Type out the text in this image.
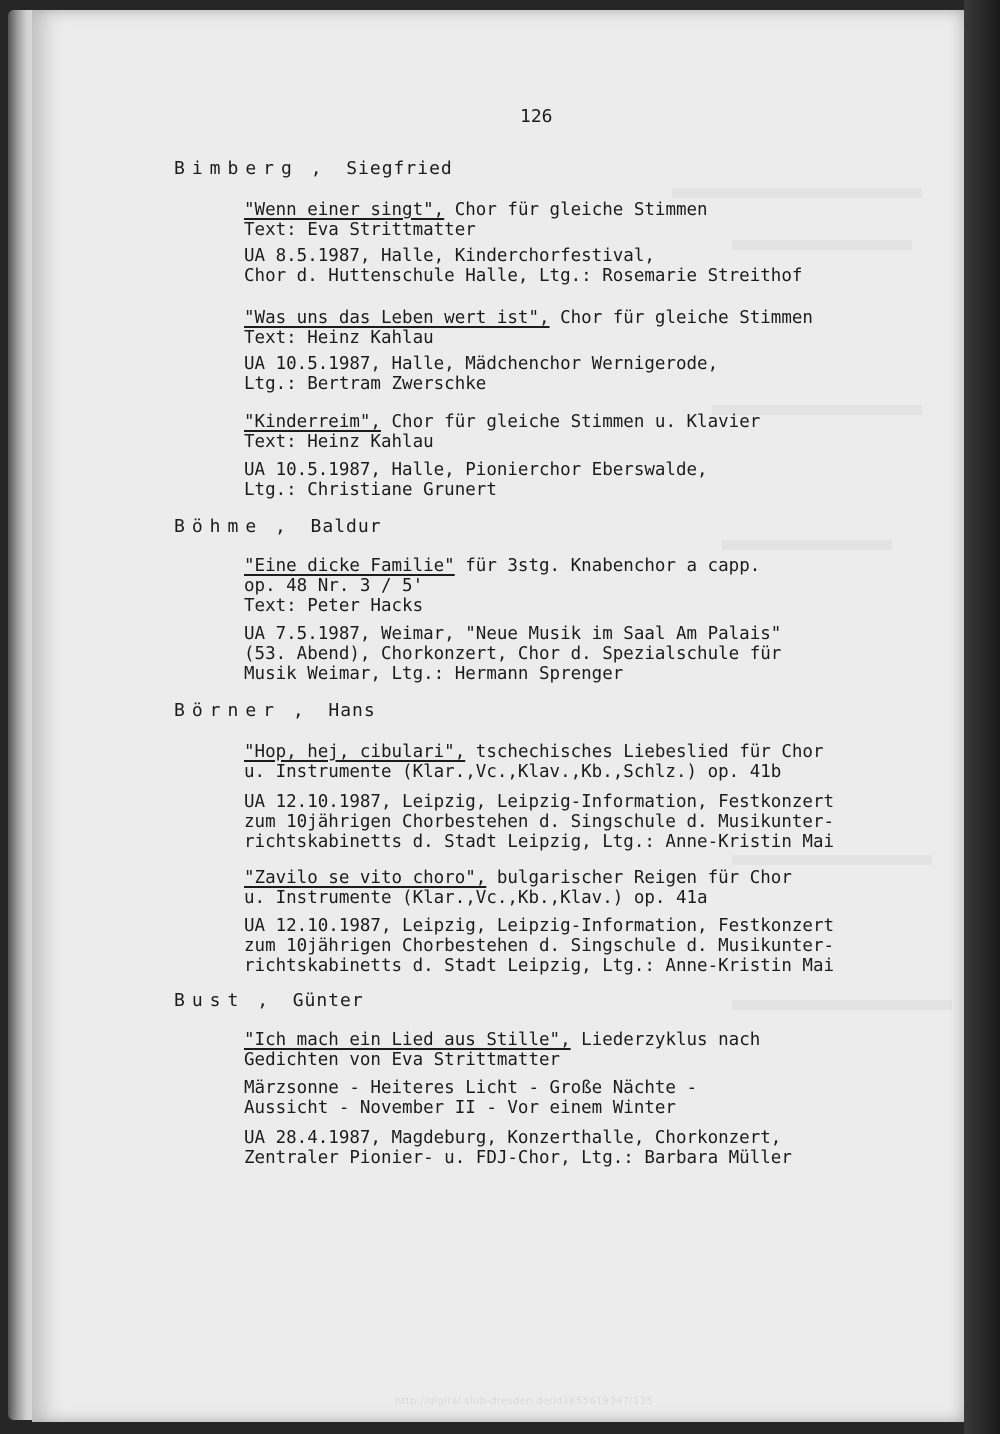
126
Bimberg ,  Siegfried
"Wenn einer singt", Chor für gleiche Stimmen
Text: Eva Strittmatter
UA 8.5.1987, Halle, Kinderchorfestival,
Chor d. Huttenschule Halle, Ltg.: Rosemarie Streithof
"Was uns das Leben wert ist", Chor für gleiche Stimmen
Text: Heinz Kahlau
UA 10.5.1987, Halle, Mädchenchor Wernigerode,
Ltg.: Bertram Zwerschke
"Kinderreim", Chor für gleiche Stimmen u. Klavier
Text: Heinz Kahlau
UA 10.5.1987, Halle, Pionierchor Eberswalde,
Ltg.: Christiane Grunert
Böhme ,  Baldur
"Eine dicke Familie" für 3stg. Knabenchor a capp.
op. 48 Nr. 3 / 5'
Text: Peter Hacks
UA 7.5.1987, Weimar, "Neue Musik im Saal Am Palais"
(53. Abend), Chorkonzert, Chor d. Spezialschule für
Musik Weimar, Ltg.: Hermann Sprenger
Börner ,  Hans
"Hop, hej, cibulari", tschechisches Liebeslied für Chor
u. Instrumente (Klar.,Vc.,Klav.,Kb.,Schlz.) op. 41b
UA 12.10.1987, Leipzig, Leipzig-Information, Festkonzert
zum 10jährigen Chorbestehen d. Singschule d. Musikunter-
richtskabinetts d. Stadt Leipzig, Ltg.: Anne-Kristin Mai
"Zavilo se vito choro", bulgarischer Reigen für Chor
u. Instrumente (Klar.,Vc.,Kb.,Klav.) op. 41a
UA 12.10.1987, Leipzig, Leipzig-Information, Festkonzert
zum 10jährigen Chorbestehen d. Singschule d. Musikunter-
richtskabinetts d. Stadt Leipzig, Ltg.: Anne-Kristin Mai
Bust ,  Günter
"Ich mach ein Lied aus Stille", Liederzyklus nach
Gedichten von Eva Strittmatter
Märzsonne - Heiteres Licht - Große Nächte -
Aussicht - November II - Vor einem Winter
UA 28.4.1987, Magdeburg, Konzerthalle, Chorkonzert,
Zentraler Pionier- u. FDJ-Chor, Ltg.: Barbara Müller
http://digital.slub-dresden.de/id1655619347/135
